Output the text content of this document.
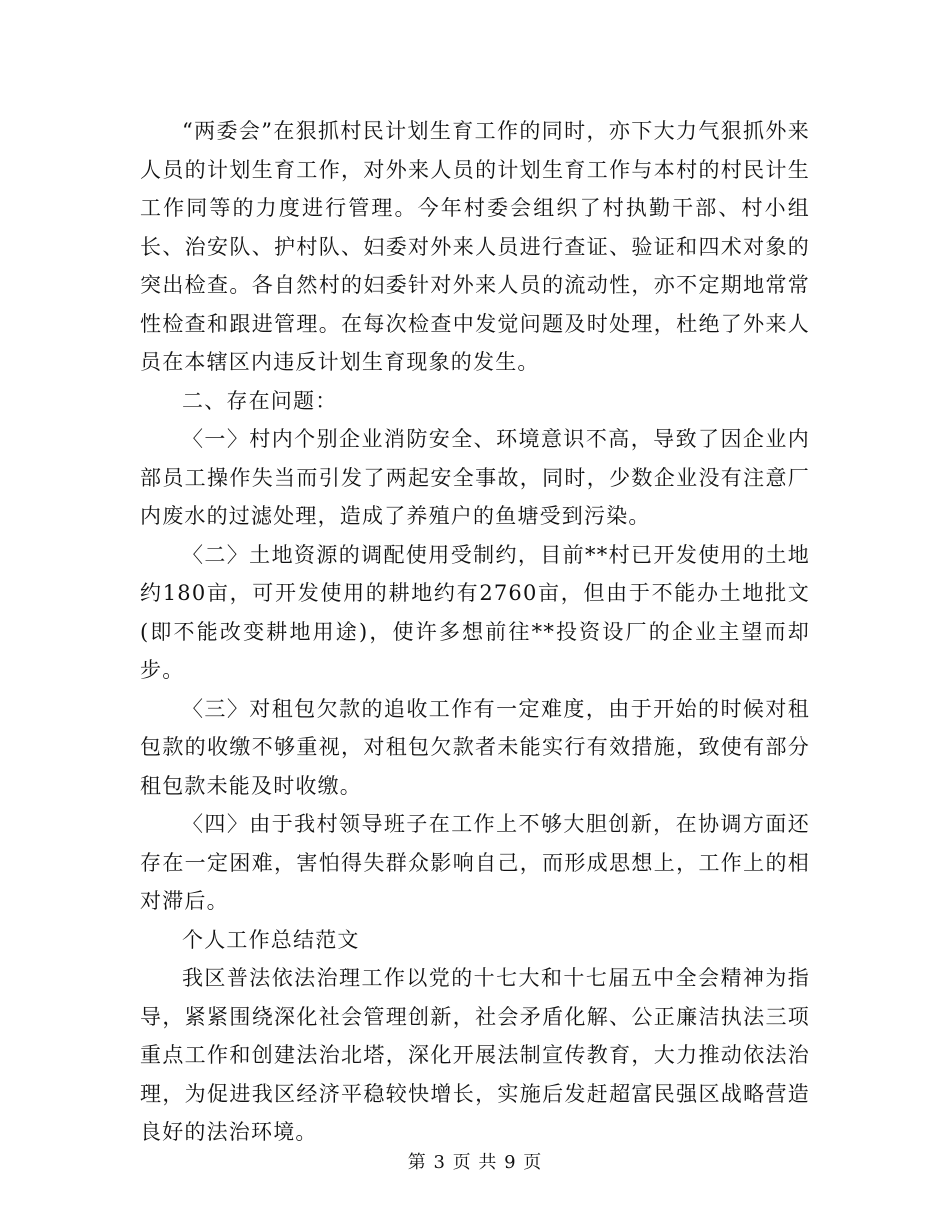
“两委会”在狠抓村民计划生育工作的同时，亦下大力气狠抓外来人员的计划生育工作，对外来人员的计划生育工作与本村的村民计生工作同等的力度进行管理。今年村委会组织了村执勤干部、村小组长、治安队、护村队、妇委对外来人员进行查证、验证和四术对象的突出检查。各自然村的妇委针对外来人员的流动性，亦不定期地常常性检查和跟进管理。在每次检查中发觉问题及时处理，杜绝了外来人员在本辖区内违反计划生育现象的发生。

二、存在问题：

〈一〉村内个别企业消防安全、环境意识不高，导致了因企业内部员工操作失当而引发了两起安全事故，同时，少数企业没有注意厂内废水的过滤处理，造成了养殖户的鱼塘受到污染。

〈二〉土地资源的调配使用受制约，目前**村已开发使用的土地约180亩，可开发使用的耕地约有2760亩，但由于不能办土地批文(即不能改变耕地用途)，使许多想前往**投资设厂的企业主望而却步。

〈三〉对租包欠款的追收工作有一定难度，由于开始的时候对租包款的收缴不够重视，对租包欠款者未能实行有效措施，致使有部分租包款未能及时收缴。

〈四〉由于我村领导班子在工作上不够大胆创新，在协调方面还存在一定困难，害怕得失群众影响自己，而形成思想上，工作上的相对滞后。

个人工作总结范文

我区普法依法治理工作以党的十七大和十七届五中全会精神为指导，紧紧围绕深化社会管理创新，社会矛盾化解、公正廉洁执法三项重点工作和创建法治北塔，深化开展法制宣传教育，大力推动依法治理，为促进我区经济平稳较快增长，实施后发赶超富民强区战略营造良好的法治环境。

第 3 页 共 9 页
